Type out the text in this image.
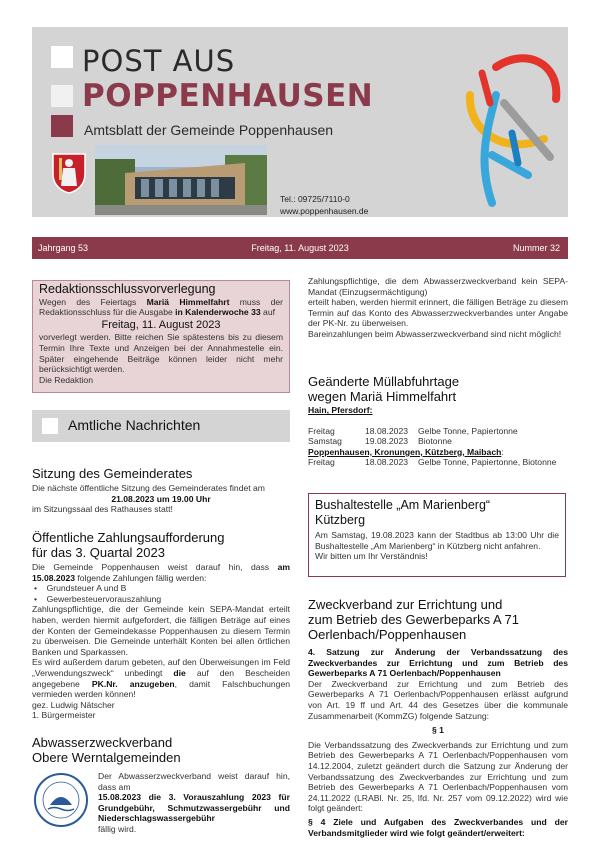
POST AUS
POPPENHAUSEN
Amtsblatt der Gemeinde Poppenhausen
Tel.: 09725/7110-0
www.poppenhausen.de
Jahrgang 53	Freitag, 11. August 2023	Nummer 32
Redaktionsschlussvorverlegung

Wegen des Feiertags Mariä Himmelfahrt muss der Redaktionsschluss für die Ausgabe in Kalenderwoche 33 auf

Freitag, 11. August 2023

vorverlegt werden. Bitte reichen Sie spätestens bis zu diesem Termin Ihre Texte und Anzeigen bei der Annahmestelle ein. Später eingehende Beiträge können leider nicht mehr berücksichtigt werden.

Die Redaktion

Amtliche Nachrichten
Sitzung des Gemeinderates

Die nächste öffentliche Sitzung des Gemeinderates findet am

21.08.2023 um 19.00 Uhr

im Sitzungssaal des Rathauses statt!

Öffentliche Zahlungsaufforderung
für das 3. Quartal 2023

Die Gemeinde Poppenhausen weist darauf hin, dass am 15.08.2023 folgende Zahlungen fällig werden:

•    Grundsteuer A und B

•    Gewerbesteuervorauszahlung

Zahlungspflichtige, die der Gemeinde kein SEPA-Mandat erteilt haben, werden hiermit aufgefordert, die fälligen Beträge auf eines der Konten der Gemeindekasse Poppenhausen zu diesem Termin zu überweisen. Die Gemeinde unterhält Konten bei allen örtlichen Banken und Sparkassen.

Es wird außerdem darum gebeten, auf den Überweisungen im Feld „Verwendungszweck“ unbedingt die auf den Bescheiden angegebene PK.Nr. anzugeben, damit Falschbuchungen vermieden werden können!

gez. Ludwig Nätscher

1. Bürgermeister

Abwasserzweckverband
Obere Werntalgemeinden

Der Abwasserzweckverband weist darauf hin, dass am

15.08.2023 die 3. Vorauszahlung 2023 für Grundgebühr, Schmutzwassergebühr und Niederschlagswassergebühr

fällig wird.

Zahlungspflichtige, die dem Abwasserzweckverband kein SEPA-Mandat (Einzugsermächtigung)

erteilt haben, werden hiermit erinnert, die fälligen Beträge zu diesem Termin auf das Konto des Abwasserzweckverbandes unter Angabe der PK-Nr. zu überweisen.

Bareinzahlungen beim Abwasserzweckverband sind nicht möglich!

Geänderte Müllabfuhrtage
wegen Mariä Himmelfahrt

Hain, Pfersdorf:

Freitag	18.08.2023	Gelbe Tonne, Papiertonne
Samstag	19.08.2023	Biotonne

Poppenhausen, Kronungen, Kützberg, Maibach:

Freitag	18.08.2023	Gelbe Tonne, Papiertonne, Biotonne
Bushaltestelle „Am Marienberg“
Kützberg

Am Samstag, 19.08.2023 kann der Stadtbus ab 13:00 Uhr die Bushaltestelle „Am Marienberg“ in Kützberg nicht anfahren.

Wir bitten um Ihr Verständnis!

Zweckverband zur Errichtung und
zum Betrieb des Gewerbeparks A 71
Oerlenbach/Poppenhausen

4. Satzung zur Änderung der Verbandssatzung des Zweckverbandes zur Errichtung und zum Betrieb des Gewerbeparks A 71 Oerlenbach/Poppenhausen

Der Zweckverband zur Errichtung und zum Betrieb des Gewerbeparks A 71 Oerlenbach/Poppenhausen erlässt aufgrund von Art. 19 ff und Art. 44 des Gesetzes über die kommunale Zusammenarbeit (KommZG) folgende Satzung:

§ 1

Die Verbandssatzung des Zweckverbands zur Errichtung und zum Betrieb des Gewerbeparks A 71 Oerlenbach/Poppenhausen vom 14.12.2004, zuletzt geändert durch die Satzung zur Änderung der Verbandssatzung des Zweckverbandes zur Errichtung und zum Betrieb des Gewerbeparks A 71 Oerlenbach/Poppenhausen vom 24.11.2022 (LRABl. Nr. 25, lfd. Nr. 257 vom 09.12.2022) wird wie folgt geändert:

§ 4 Ziele und Aufgaben des Zweckverbandes und der Verbandsmitglieder wird wie folgt geändert/erweitert:
